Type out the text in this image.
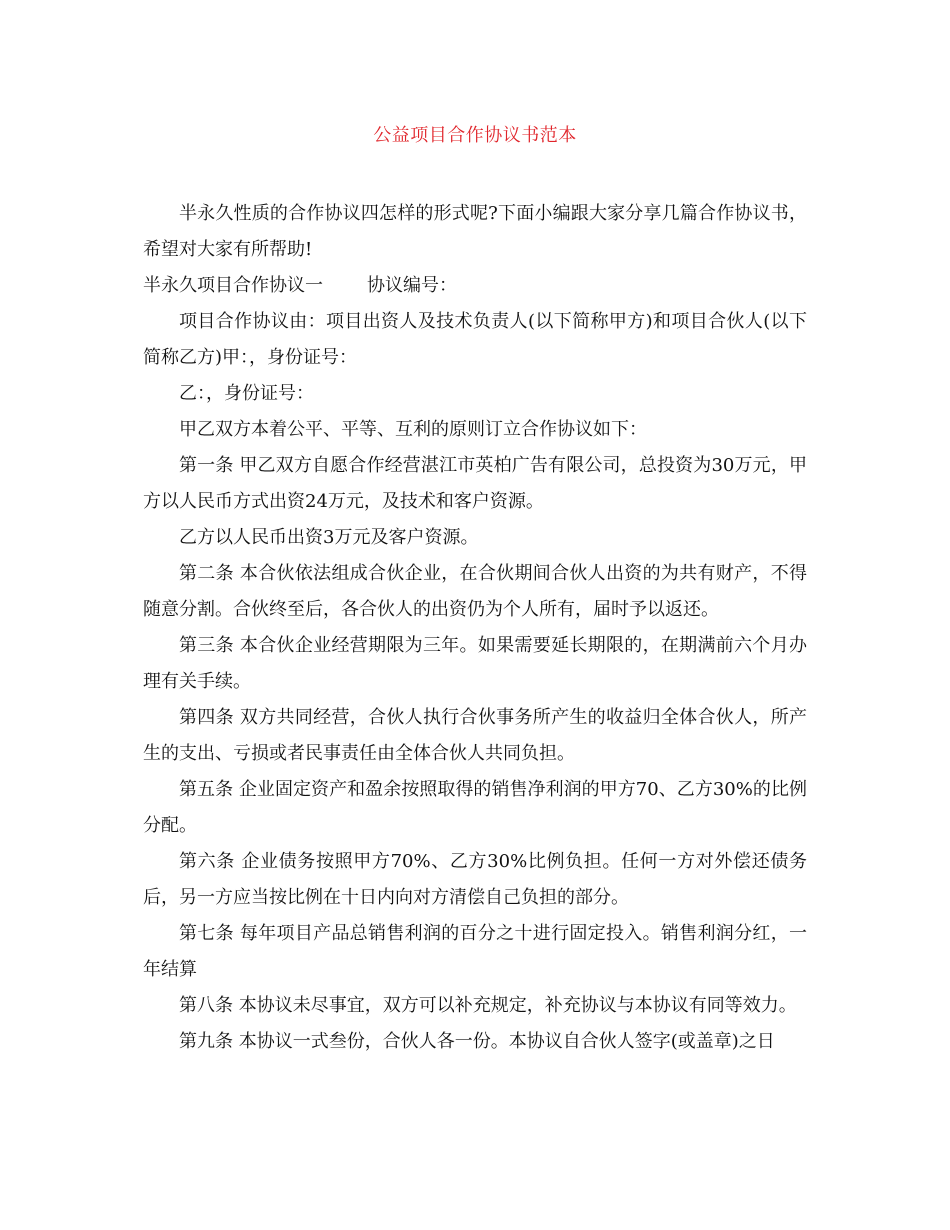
公益项目合作协议书范本

半永久性质的合作协议四怎样的形式呢?下面小编跟大家分享几篇合作协议书，希望对大家有所帮助!

半永久项目合作协议一 协议编号：

项目合作协议由：项目出资人及技术负责人(以下简称甲方)和项目合伙人(以下简称乙方)甲：，身份证号：

乙：，身份证号：

甲乙双方本着公平、平等、互利的原则订立合作协议如下：

第一条 甲乙双方自愿合作经营湛江市英柏广告有限公司，总投资为30万元，甲方以人民币方式出资24万元，及技术和客户资源。

乙方以人民币出资3万元及客户资源。

第二条 本合伙依法组成合伙企业，在合伙期间合伙人出资的为共有财产，不得随意分割。合伙终至后，各合伙人的出资仍为个人所有，届时予以返还。

第三条 本合伙企业经营期限为三年。如果需要延长期限的，在期满前六个月办理有关手续。

第四条 双方共同经营，合伙人执行合伙事务所产生的收益归全体合伙人，所产生的支出、亏损或者民事责任由全体合伙人共同负担。

第五条 企业固定资产和盈余按照取得的销售净利润的甲方70、乙方30%的比例分配。

第六条 企业债务按照甲方70%、乙方30%比例负担。任何一方对外偿还债务后，另一方应当按比例在十日内向对方清偿自己负担的部分。

第七条 每年项目产品总销售利润的百分之十进行固定投入。销售利润分红，一年结算

第八条 本协议未尽事宜，双方可以补充规定，补充协议与本协议有同等效力。

第九条 本协议一式叁份，合伙人各一份。本协议自合伙人签字(或盖章)之日
